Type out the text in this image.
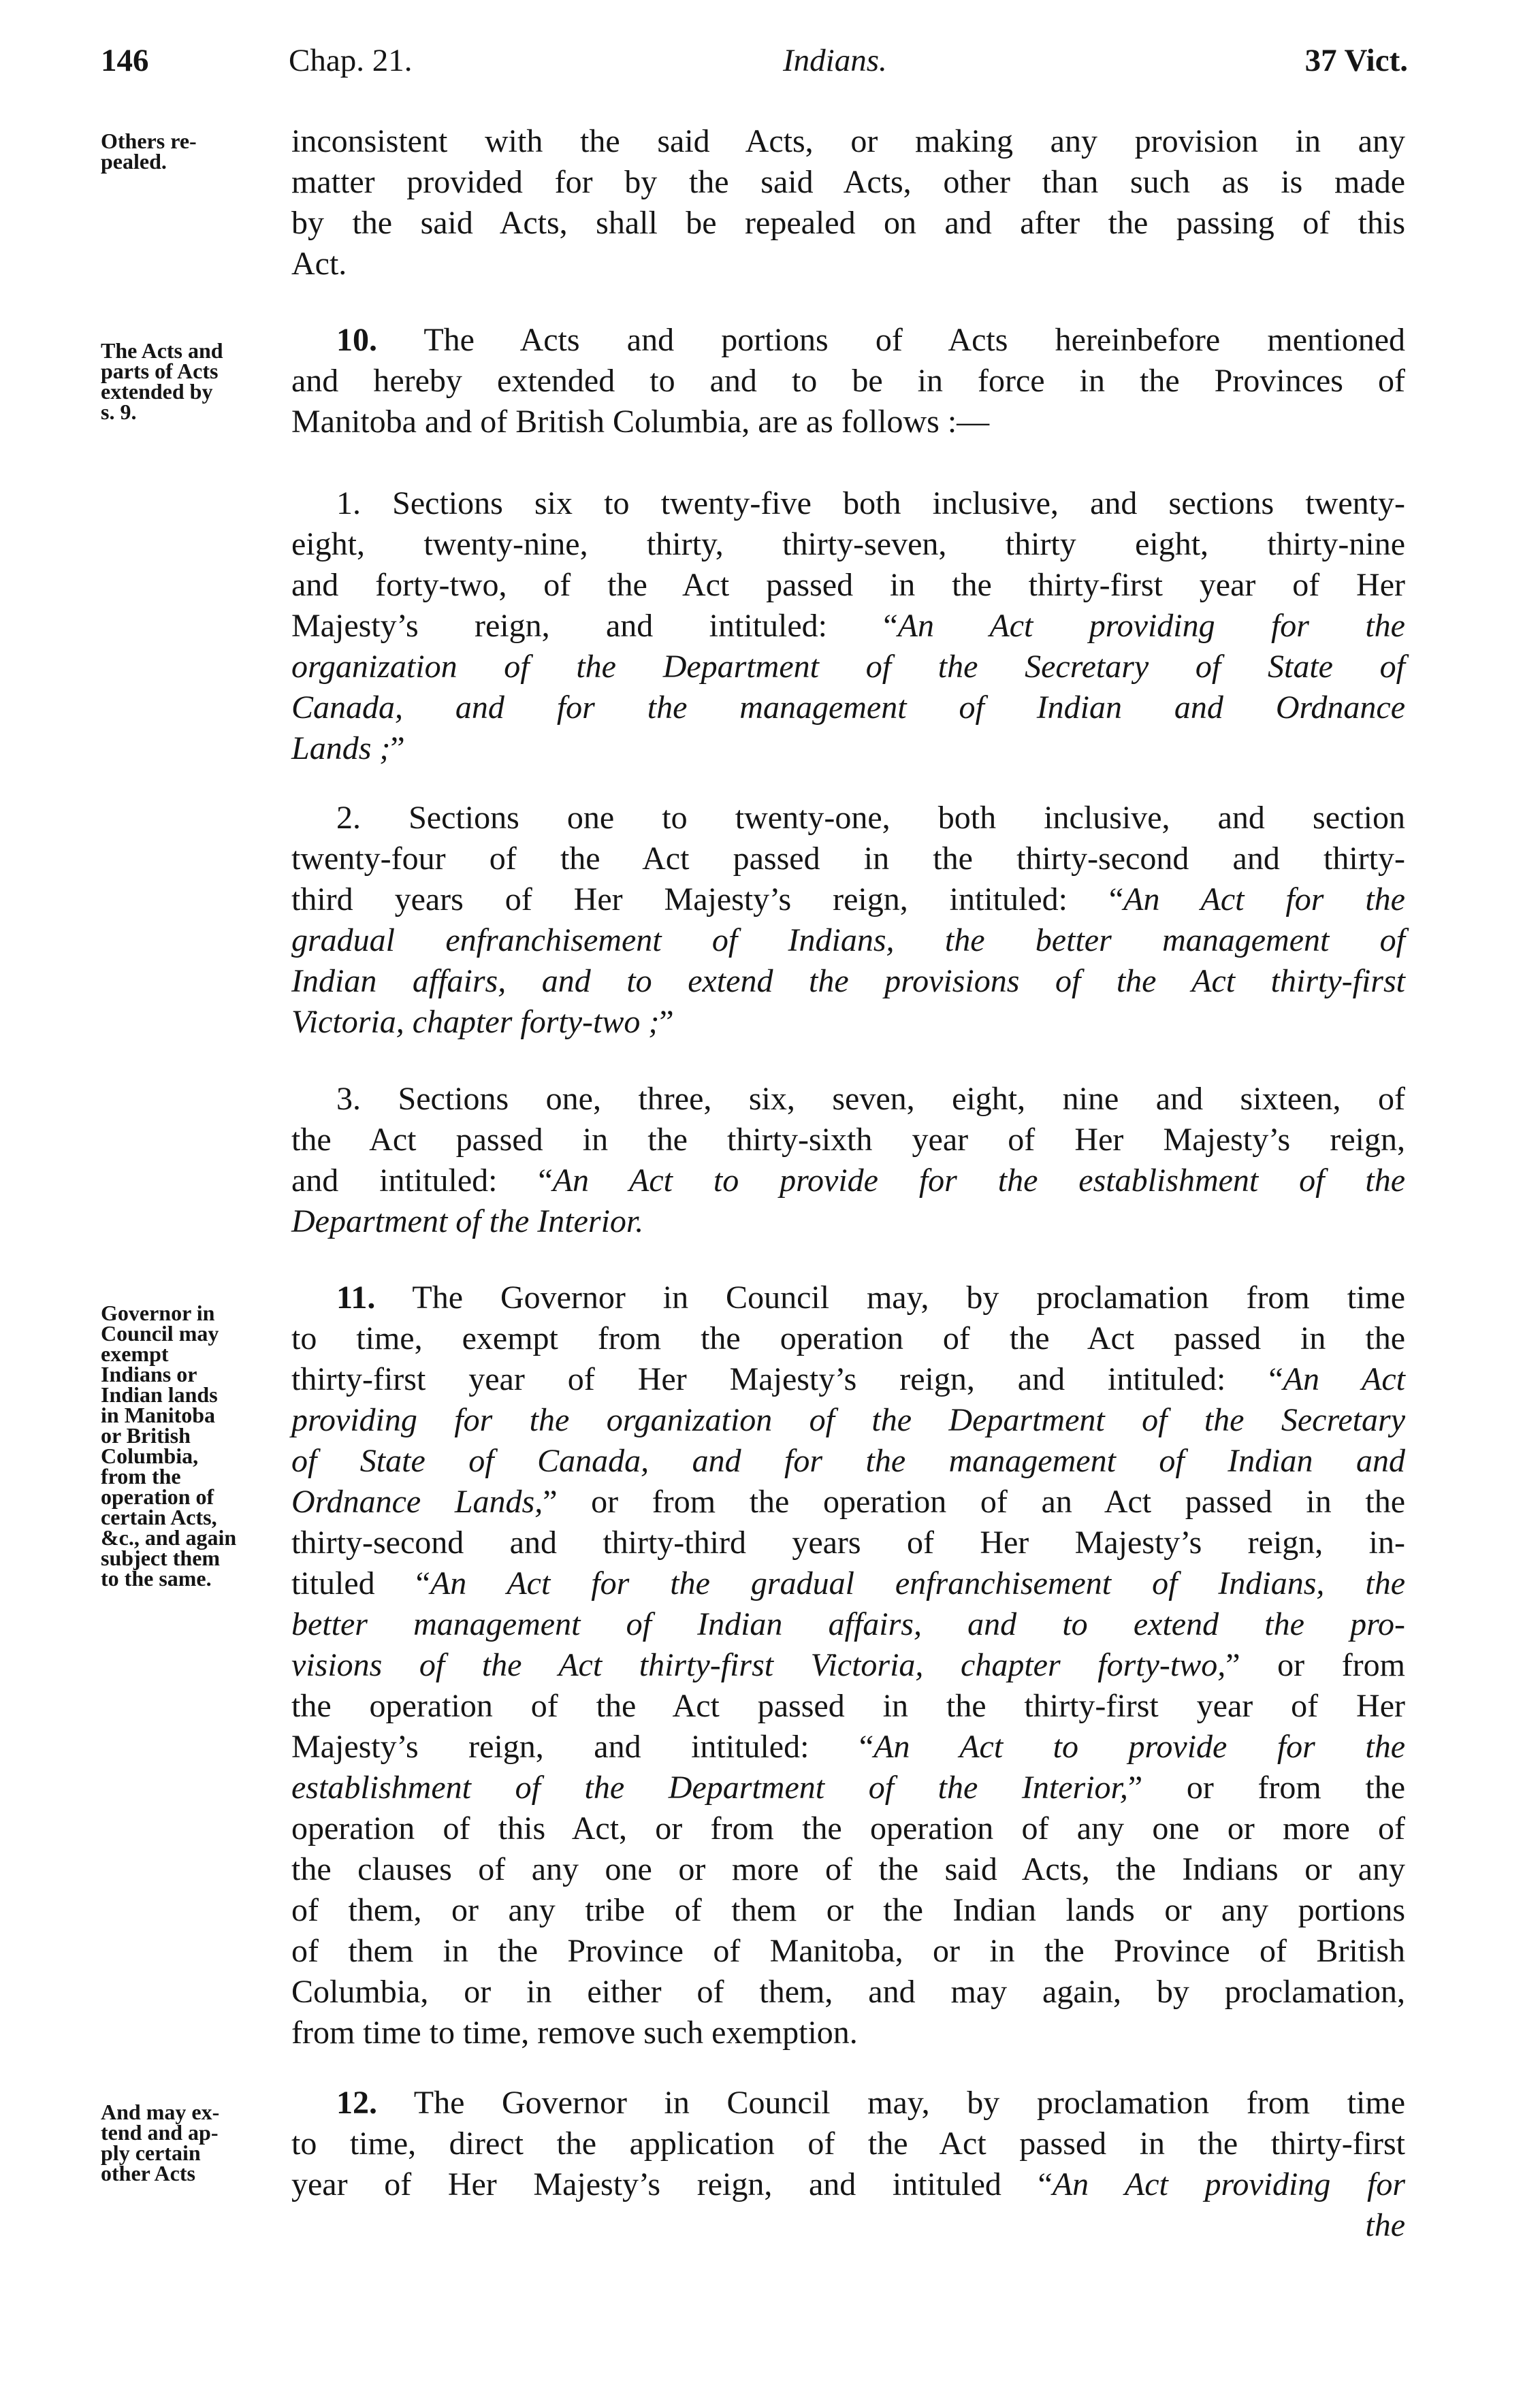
146	Chap. 21.	Indians.	37 Vict.
Others re-
pealed.
The Acts and
parts of Acts
extended by
s. 9.
Governor in
Council may
exempt
Indians or
Indian lands
in Manitoba
or British
Columbia,
from the
operation of
certain Acts,
&c., and again
subject them
to the same.
And may ex-
tend and ap-
ply certain
other Acts
inconsistent with the said Acts, or making any provision in any
matter provided for by the said Acts, other than such as is made
by the said Acts, shall be repealed on and after the passing of this
Act.
10. The Acts and portions of Acts hereinbefore mentioned
and hereby extended to and to be in force in the Provinces of
Manitoba and of British Columbia, are as follows :—
1. Sections six to twenty-five both inclusive, and sections twenty-
eight, twenty-nine, thirty, thirty-seven, thirty eight, thirty-nine
and forty-two, of the Act passed in the thirty-first year of Her
Majesty’s reign, and intituled: “An Act providing for the
organization of the Department of the Secretary of State of
Canada, and for the management of Indian and Ordnance
Lands ;”
2. Sections one to twenty-one, both inclusive, and section
twenty-four of the Act passed in the thirty-second and thirty-
third years of Her Majesty’s reign, intituled: “An Act for the
gradual enfranchisement of Indians, the better management of
Indian affairs, and to extend the provisions of the Act thirty-first
Victoria, chapter forty-two ;”
3. Sections one, three, six, seven, eight, nine and sixteen, of
the Act passed in the thirty-sixth year of Her Majesty’s reign,
and intituled: “An Act to provide for the establishment of the
Department of the Interior.
11. The Governor in Council may, by proclamation from time
to time, exempt from the operation of the Act passed in the
thirty-first year of Her Majesty’s reign, and intituled: “An Act
providing for the organization of the Department of the Secretary
of State of Canada, and for the management of Indian and
Ordnance Lands,” or from the operation of an Act passed in the
thirty-second and thirty-third years of Her Majesty’s reign, in-
tituled “An Act for the gradual enfranchisement of Indians, the
better management of Indian affairs, and to extend the pro-
visions of the Act thirty-first Victoria, chapter forty-two,” or from
the operation of the Act passed in the thirty-first year of Her
Majesty’s reign, and intituled: “An Act to provide for the
establishment of the Department of the Interior,” or from the
operation of this Act, or from the operation of any one or more of
the clauses of any one or more of the said Acts, the Indians or any
of them, or any tribe of them or the Indian lands or any portions
of them in the Province of Manitoba, or in the Province of British
Columbia, or in either of them, and may again, by proclamation,
from time to time, remove such exemption.
12. The Governor in Council may, by proclamation from time
to time, direct the application of the Act passed in the thirty-first
year of Her Majesty’s reign, and intituled “An Act providing for
the
